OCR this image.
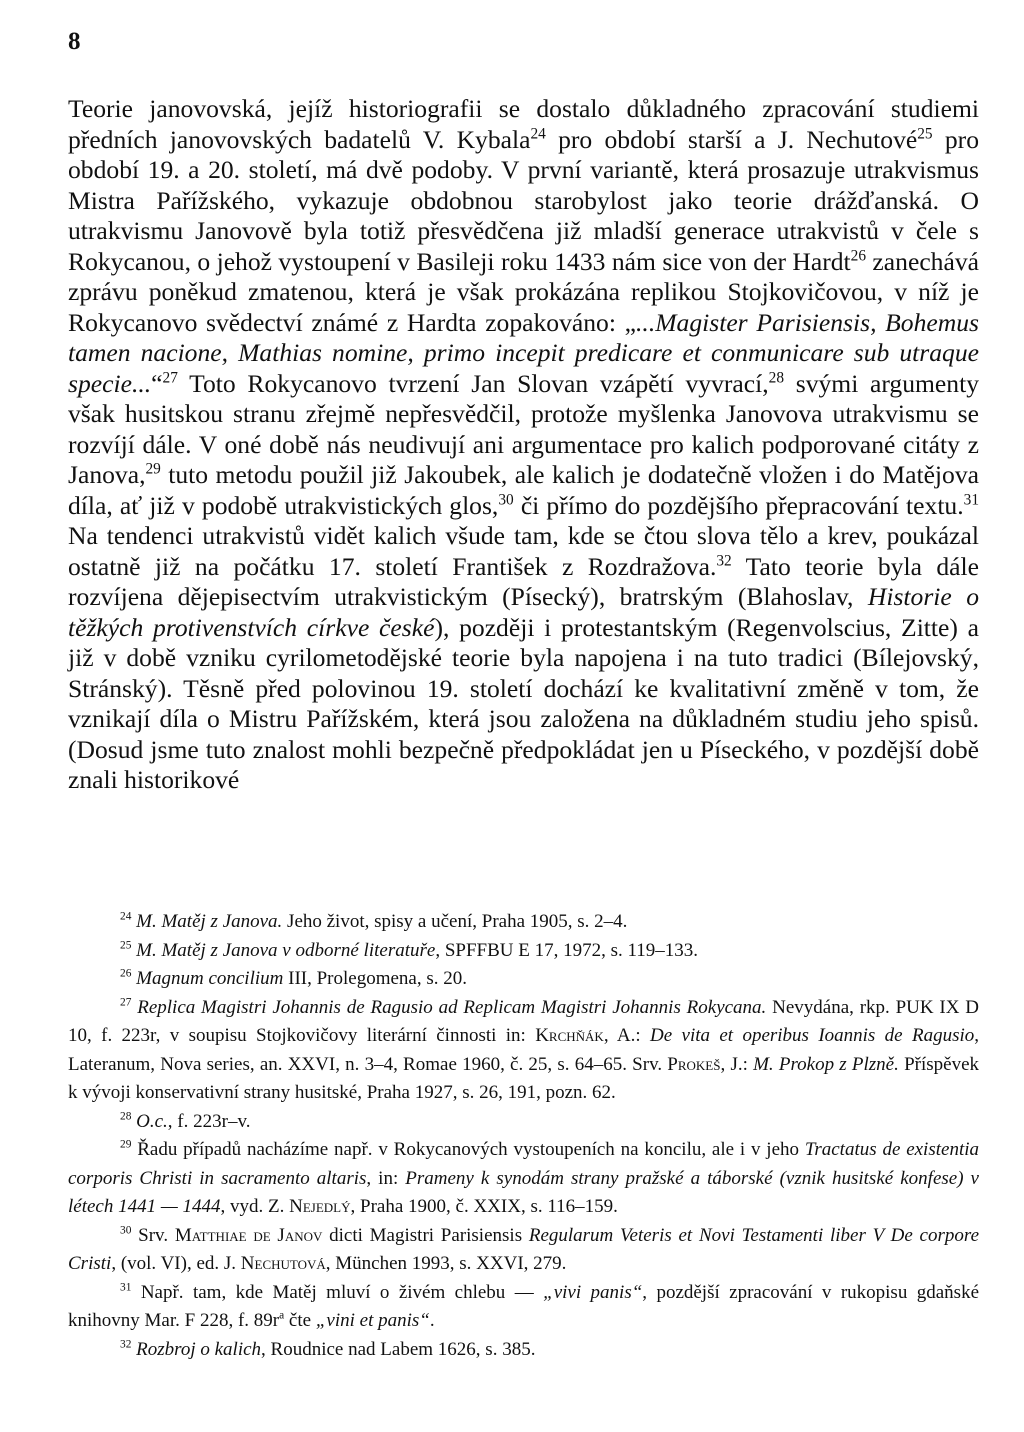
8

Teorie janovovská, jejíž historiografii se dostalo důkladného zpracování studiemi předních janovovských badatelů V. Kybala$^{24}$ pro období starší a J. Nechutové$^{25}$ pro období 19. a 20. století, má dvě podoby. V první variantě, která prosazuje utrakvismus Mistra Pařížského, vykazuje obdobnou starobylost jako teorie drážďanská. O utrakvismu Janovově byla totiž přesvědčena již mladší generace utrakvistů v čele s Rokycanou, o jehož vystoupení v Basileji roku 1433 nám sice von der Hardt$^{26}$ zanechává zprávu poněkud zmatenou, která je však prokázána replikou Stojkovičovou, v níž je Rokycanovo svědectví známé z Hardta zopakováno: „...Magister Parisiensis, Bohemus tamen nacione, Mathias nomine, primo incepit predicare et conmunicare sub utraque specie...“$^{27}$ Toto Rokycanovo tvrzení Jan Slovan vzápětí vyvrací,$^{28}$ svými argumenty však husitskou stranu zřejmě nepřesvědčil, protože myšlenka Janovova utrakvismu se rozvíjí dále. V oné době nás neudivují ani argumentace pro kalich podporované citáty z Janova,$^{29}$ tuto metodu použil již Jakoubek, ale kalich je dodatečně vložen i do Matějova díla, ať již v podobě utrakvistických glos,$^{30}$ či přímo do pozdějšího přepracování textu.$^{31}$ Na tendenci utrakvistů vidět kalich všude tam, kde se čtou slova tělo a krev, poukázal ostatně již na počátku 17. století František z Rozdražova.$^{32}$ Tato teorie byla dále rozvíjena dějepisectvím utrakvistickým (Písecký), bratrským (Blahoslav, Historie o těžkých protivenstvích církve české), později i protestantským (Regenvolscius, Zitte) a již v době vzniku cyrilometodějské teorie byla napojena i na tuto tradici (Bílejovský, Stránský). Těsně před polovinou 19. století dochází ke kvalitativní změně v tom, že vznikají díla o Mistru Pařížském, která jsou založena na důkladném studiu jeho spisů. (Dosud jsme tuto znalost mohli bezpečně předpokládat jen u Píseckého, v pozdější době znali historikové

$^{24}$ M. Matěj z Janova. Jeho život, spisy a učení, Praha 1905, s. 2–4.

$^{25}$ M. Matěj z Janova v odborné literatuře, SPFFBU E 17, 1972, s. 119–133.

$^{26}$ Magnum concilium III, Prolegomena, s. 20.

$^{27}$ Replica Magistri Johannis de Ragusio ad Replicam Magistri Johannis Rokycana. Nevydána, rkp. PUK IX D 10, f. 223r, v soupisu Stojkovičovy literární činnosti in: Krchňák, A.: De vita et operibus Ioannis de Ragusio, Lateranum, Nova series, an. XXVI, n. 3–4, Romae 1960, č. 25, s. 64–65. Srv. Prokeš, J.: M. Prokop z Plzně. Příspěvek k vývoji konservativní strany husitské, Praha 1927, s. 26, 191, pozn. 62.

$^{28}$ O.c., f. 223r–v.

$^{29}$ Řadu případů nacházíme např. v Rokycanových vystoupeních na koncilu, ale i v jeho Tractatus de existentia corporis Christi in sacramento altaris, in: Prameny k synodám strany pražské a táborské (vznik husitské konfese) v létech 1441 — 1444, vyd. Z. Nejedlý, Praha 1900, č. XXIX, s. 116–159.

$^{30}$ Srv. Matthiae de Janov dicti Magistri Parisiensis Regularum Veteris et Novi Testamenti liber V De corpore Cristi, (vol. VI), ed. J. Nechutová, München 1993, s. XXVI, 279.

$^{31}$ Např. tam, kde Matěj mluví o živém chlebu — „vivi panis“, pozdější zpracování v rukopisu gdaňské knihovny Mar. F 228, f. $89r^a$ čte „vini et panis“.

$^{32}$ Rozbroj o kalich, Roudnice nad Labem 1626, s. 385.
